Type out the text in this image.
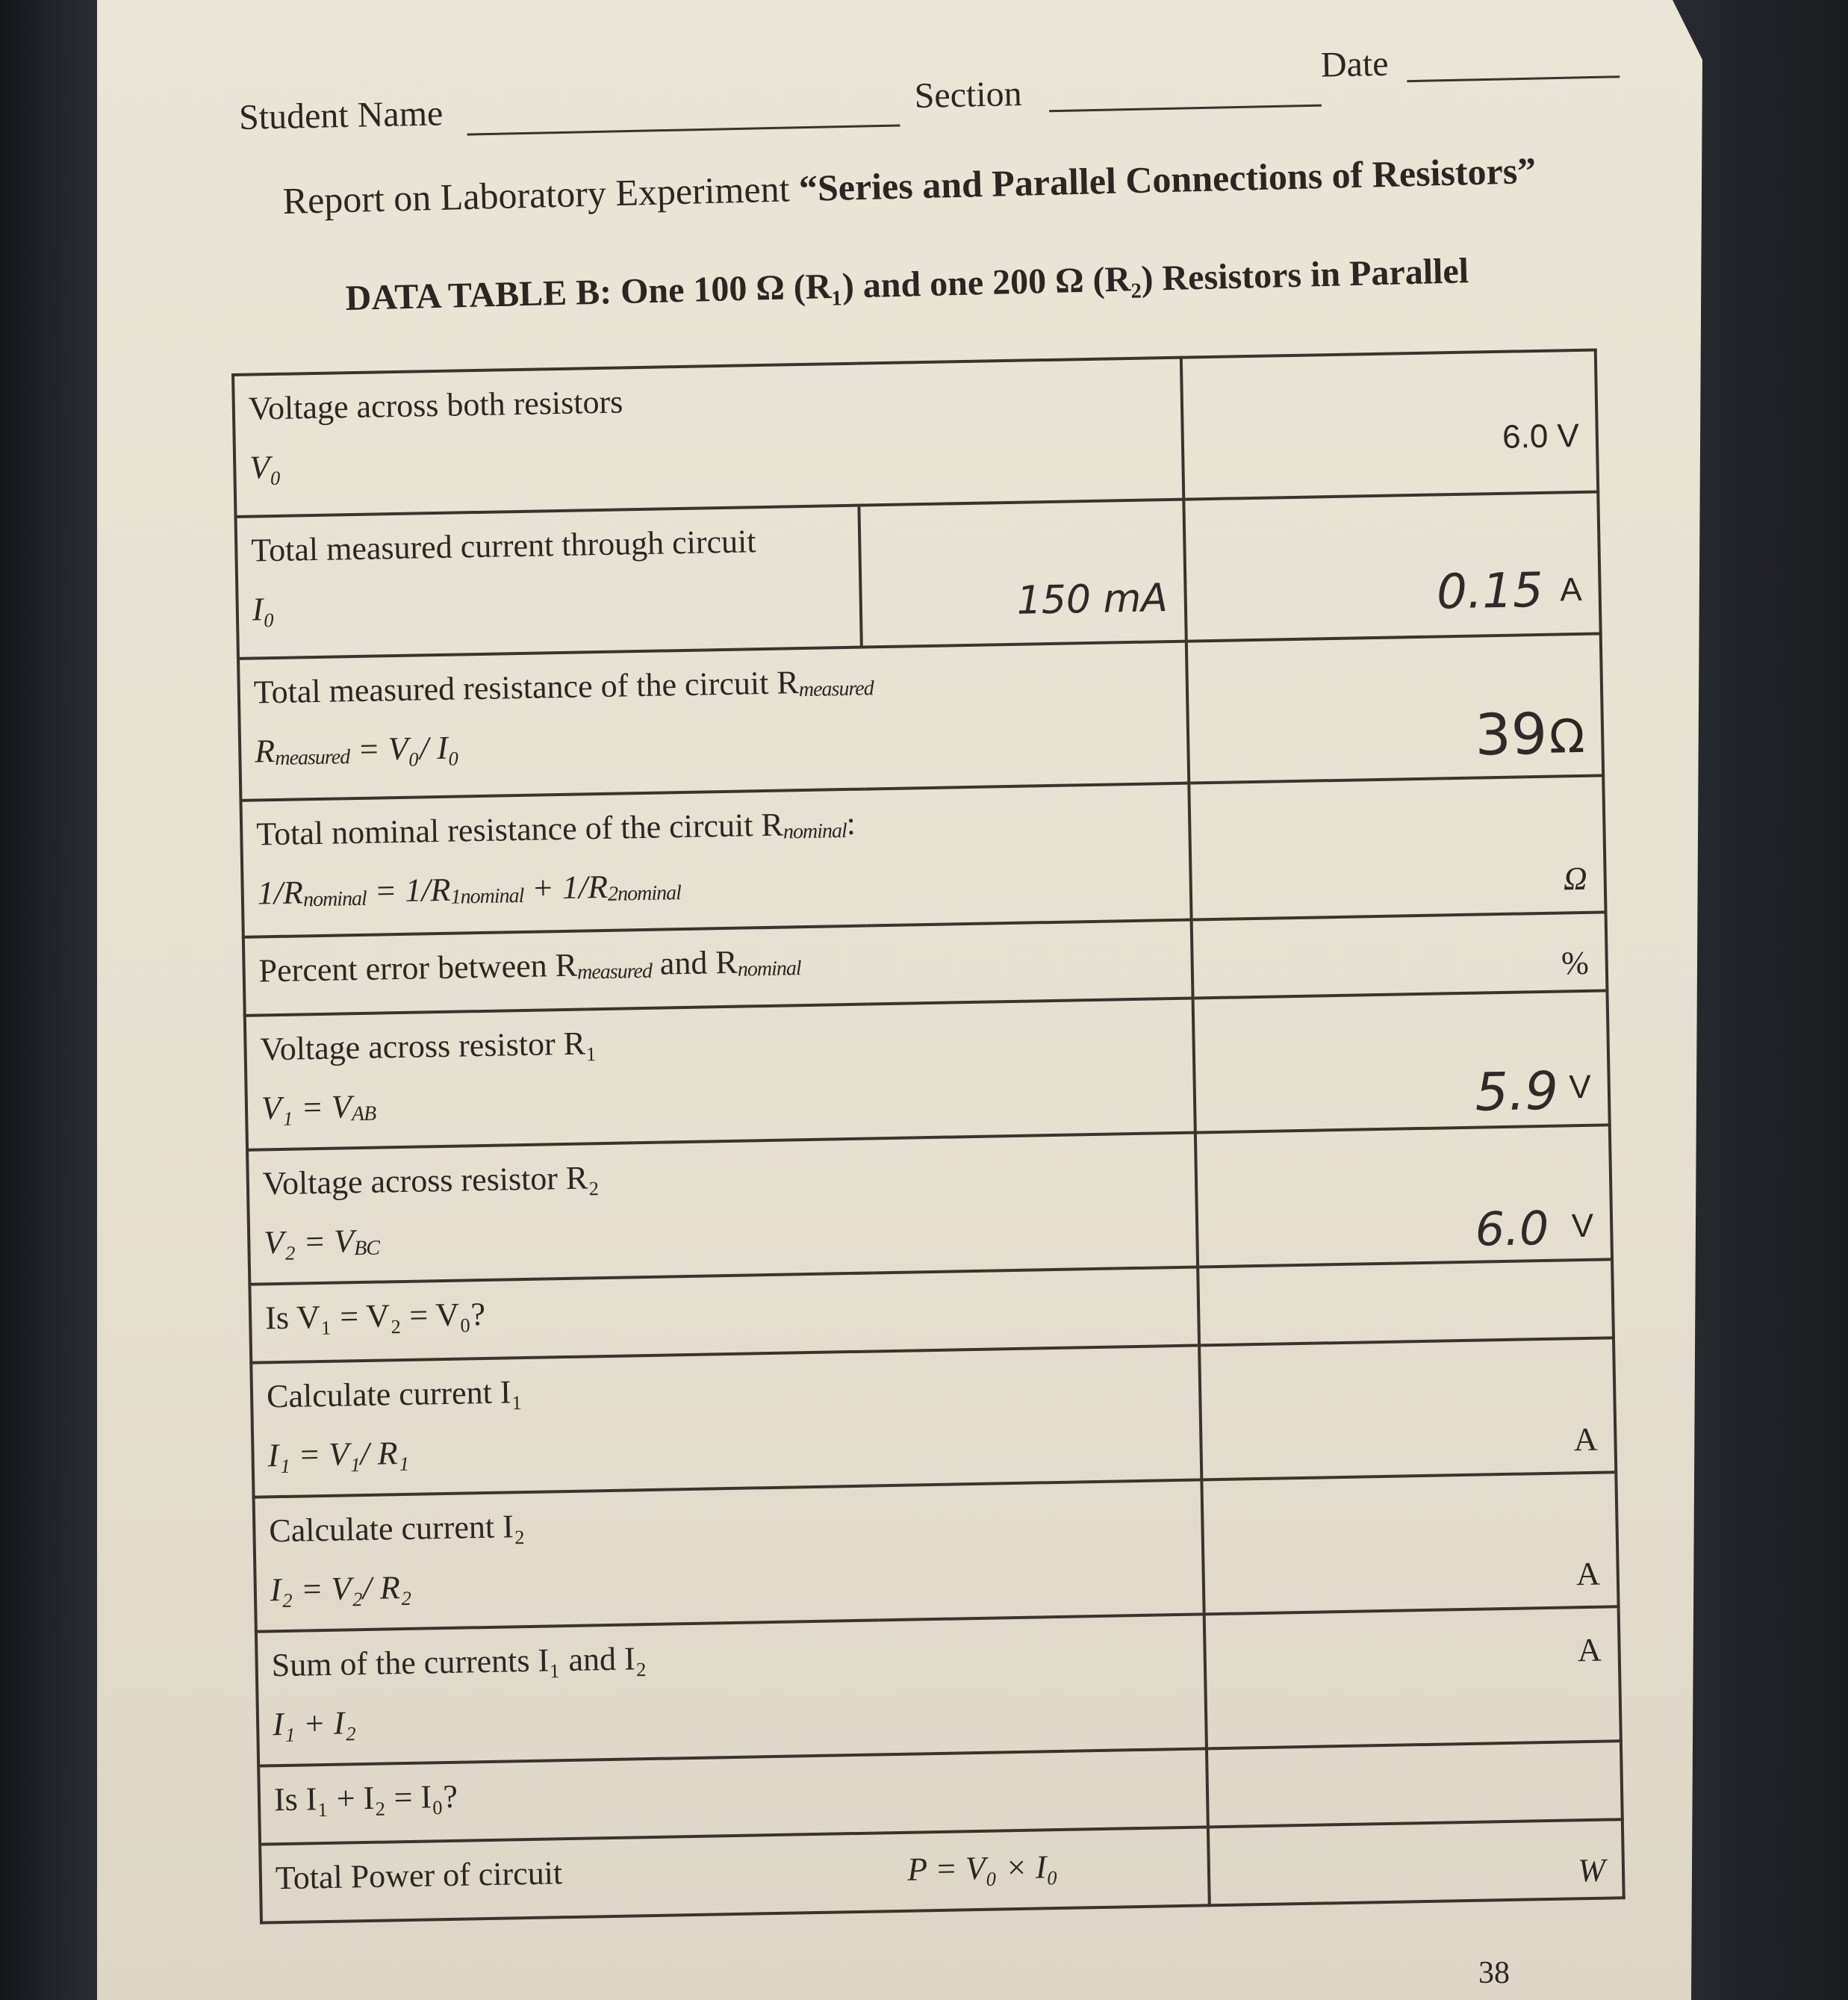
Student Name	Section
Date
Report on Laboratory Experiment “Series and Parallel Connections of Resistors”
DATA TABLE B: One 100 Ω (R₁) and one 200 Ω (R₂) Resistors in Parallel
Voltage across both resistors
V₀		6.0 V

Total measured current through circuit
I₀	150 mA	0.15 A

Total measured resistance of the circuit Rmeasured
Rmeasured = V₀/ I₀		39 Ω

Total nominal resistance of the circuit Rnominal:
1/Rnominal = 1/R1nominal + 1/R2nominal		Ω

Percent error between Rmeasured and Rnominal		%

Voltage across resistor R₁
V₁ = VAB		5.9 V

Voltage across resistor R₂
V₂ = VBC		6.0 V

Is V₁ = V₂ = V₀?		

Calculate current I₁
I₁ = V₁/ R₁		A

Calculate current I₂
I₂ = V₂/ R₂		A

Sum of the currents I₁ and I₂
I₁ + I₂		A

Is I₁ + I₂ = I₀?		

Total Power of circuit P = V₀ × I₀		W
38
